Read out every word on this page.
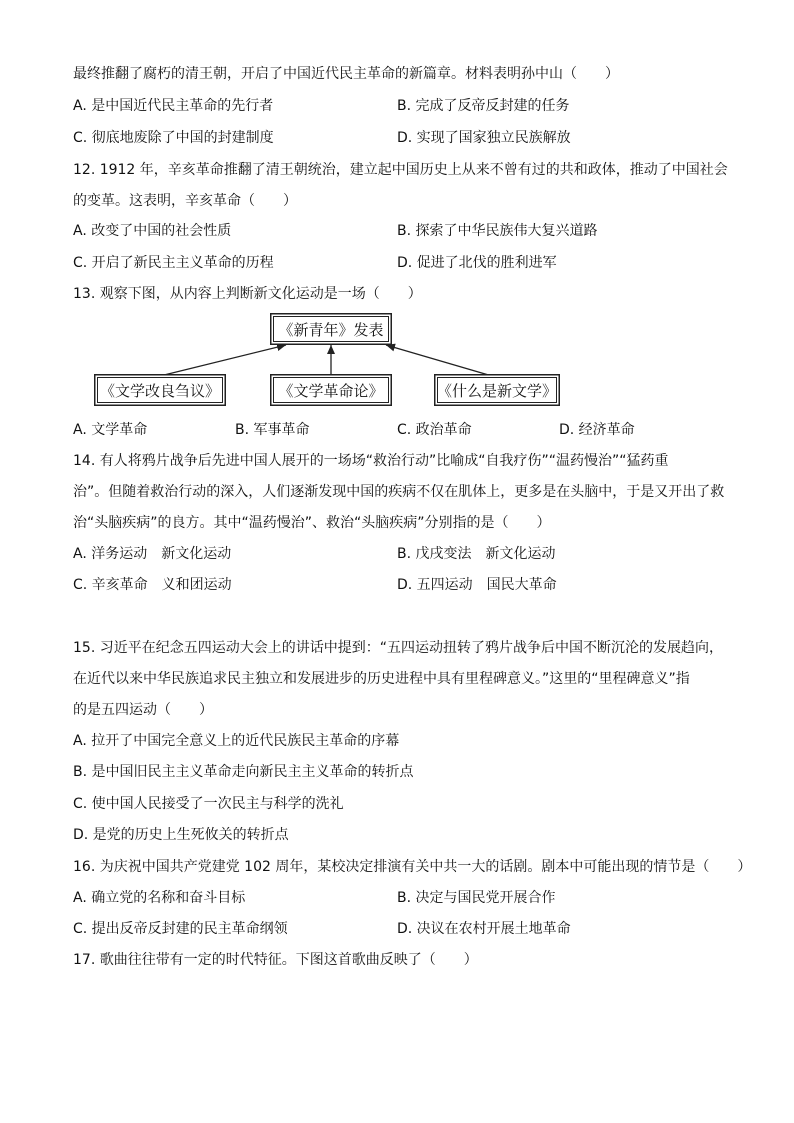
最终推翻了腐朽的清王朝，开启了中国近代民主革命的新篇章。材料表明孙中山（　　）
A. 是中国近代民主革命的先行者	B. 完成了反帝反封建的任务
C. 彻底地废除了中国的封建制度	D. 实现了国家独立民族解放
12. 1912 年，辛亥革命推翻了清王朝统治，建立起中国历史上从来不曾有过的共和政体，推动了中国社会
的变革。这表明，辛亥革命（　　）
A. 改变了中国的社会性质	B. 探索了中华民族伟大复兴道路
C. 开启了新民主主义革命的历程	D. 促进了北伐的胜利进军
13. 观察下图，从内容上判断新文化运动是一场（　　）
《新青年》发表
《文学改良刍议》	《文学革命论》	《什么是新文学》
A. 文学革命	B. 军事革命	C. 政治革命	D. 经济革命
14. 有人将鸦片战争后先进中国人展开的一场场“救治行动”比喻成“自我疗伤”“温药慢治”“猛药重
治”。但随着救治行动的深入，人们逐渐发现中国的疾病不仅在肌体上，更多是在头脑中，于是又开出了救
治“头脑疾病”的良方。其中“温药慢治”、救治“头脑疾病”分别指的是（　　）
A. 洋务运动　新文化运动	B. 戊戌变法　新文化运动
C. 辛亥革命　义和团运动	D. 五四运动　国民大革命
15. 习近平在纪念五四运动大会上的讲话中提到：“五四运动扭转了鸦片战争后中国不断沉沦的发展趋向，
在近代以来中华民族追求民主独立和发展进步的历史进程中具有里程碑意义。”这里的“里程碑意义”指
的是五四运动（　　）
A. 拉开了中国完全意义上的近代民族民主革命的序幕
B. 是中国旧民主主义革命走向新民主主义革命的转折点
C. 使中国人民接受了一次民主与科学的洗礼
D. 是党的历史上生死攸关的转折点
16. 为庆祝中国共产党建党 102 周年，某校决定排演有关中共一大的话剧。剧本中可能出现的情节是（　　）
A. 确立党的名称和奋斗目标	B. 决定与国民党开展合作
C. 提出反帝反封建的民主革命纲领	D. 决议在农村开展土地革命
17. 歌曲往往带有一定的时代特征。下图这首歌曲反映了（　　）
